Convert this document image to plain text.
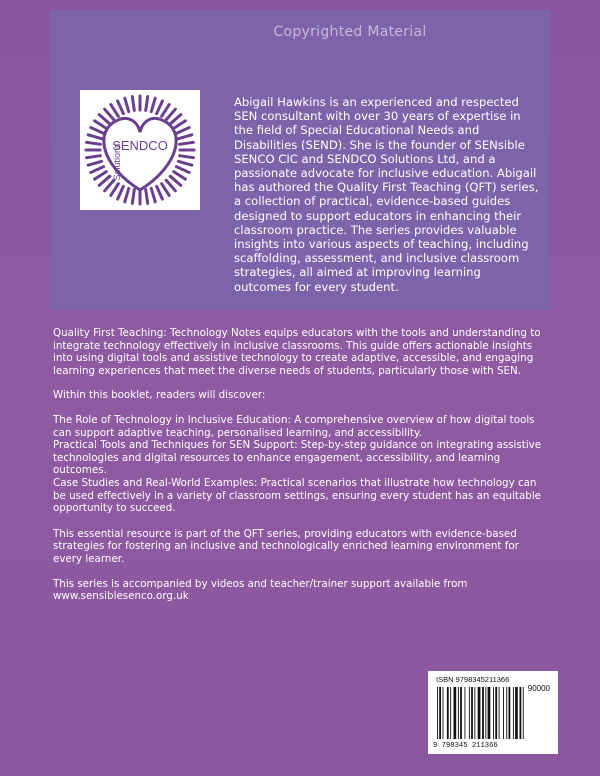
Copyrighted Material
SENDCO
Solutions

Abigail Hawkins is an experienced and respected SEN consultant with over 30 years of expertise in the field of Special Educational Needs and Disabilities (SEND). She is the founder of SENsible SENCO CIC and SENDCO Solutions Ltd, and a passionate advocate for inclusive education. Abigail has authored the Quality First Teaching (QFT) series, a collection of practical, evidence-based guides designed to support educators in enhancing their classroom practice. The series provides valuable insights into various aspects of teaching, including scaffolding, assessment, and inclusive classroom strategies, all aimed at improving learning outcomes for every student.

Quality First Teaching: Technology Notes equips educators with the tools and understanding to integrate technology effectively in inclusive classrooms. This guide offers actionable insights into using digital tools and assistive technology to create adaptive, accessible, and engaging learning experiences that meet the diverse needs of students, particularly those with SEN.

Within this booklet, readers will discover:

The Role of Technology in Inclusive Education: A comprehensive overview of how digital tools can support adaptive teaching, personalised learning, and accessibility.

Practical Tools and Techniques for SEN Support: Step-by-step guidance on integrating assistive technologies and digital resources to enhance engagement, accessibility, and learning outcomes.

Case Studies and Real-World Examples: Practical scenarios that illustrate how technology can be used effectively in a variety of classroom settings, ensuring every student has an equitable opportunity to succeed.

This essential resource is part of the QFT series, providing educators with evidence-based strategies for fostering an inclusive and technologically enriched learning environment for every learner.

This series is accompanied by videos and teacher/trainer support available from www.sensiblesenco.org.uk

ISBN 9798345211366
90000
9 798345 211366
